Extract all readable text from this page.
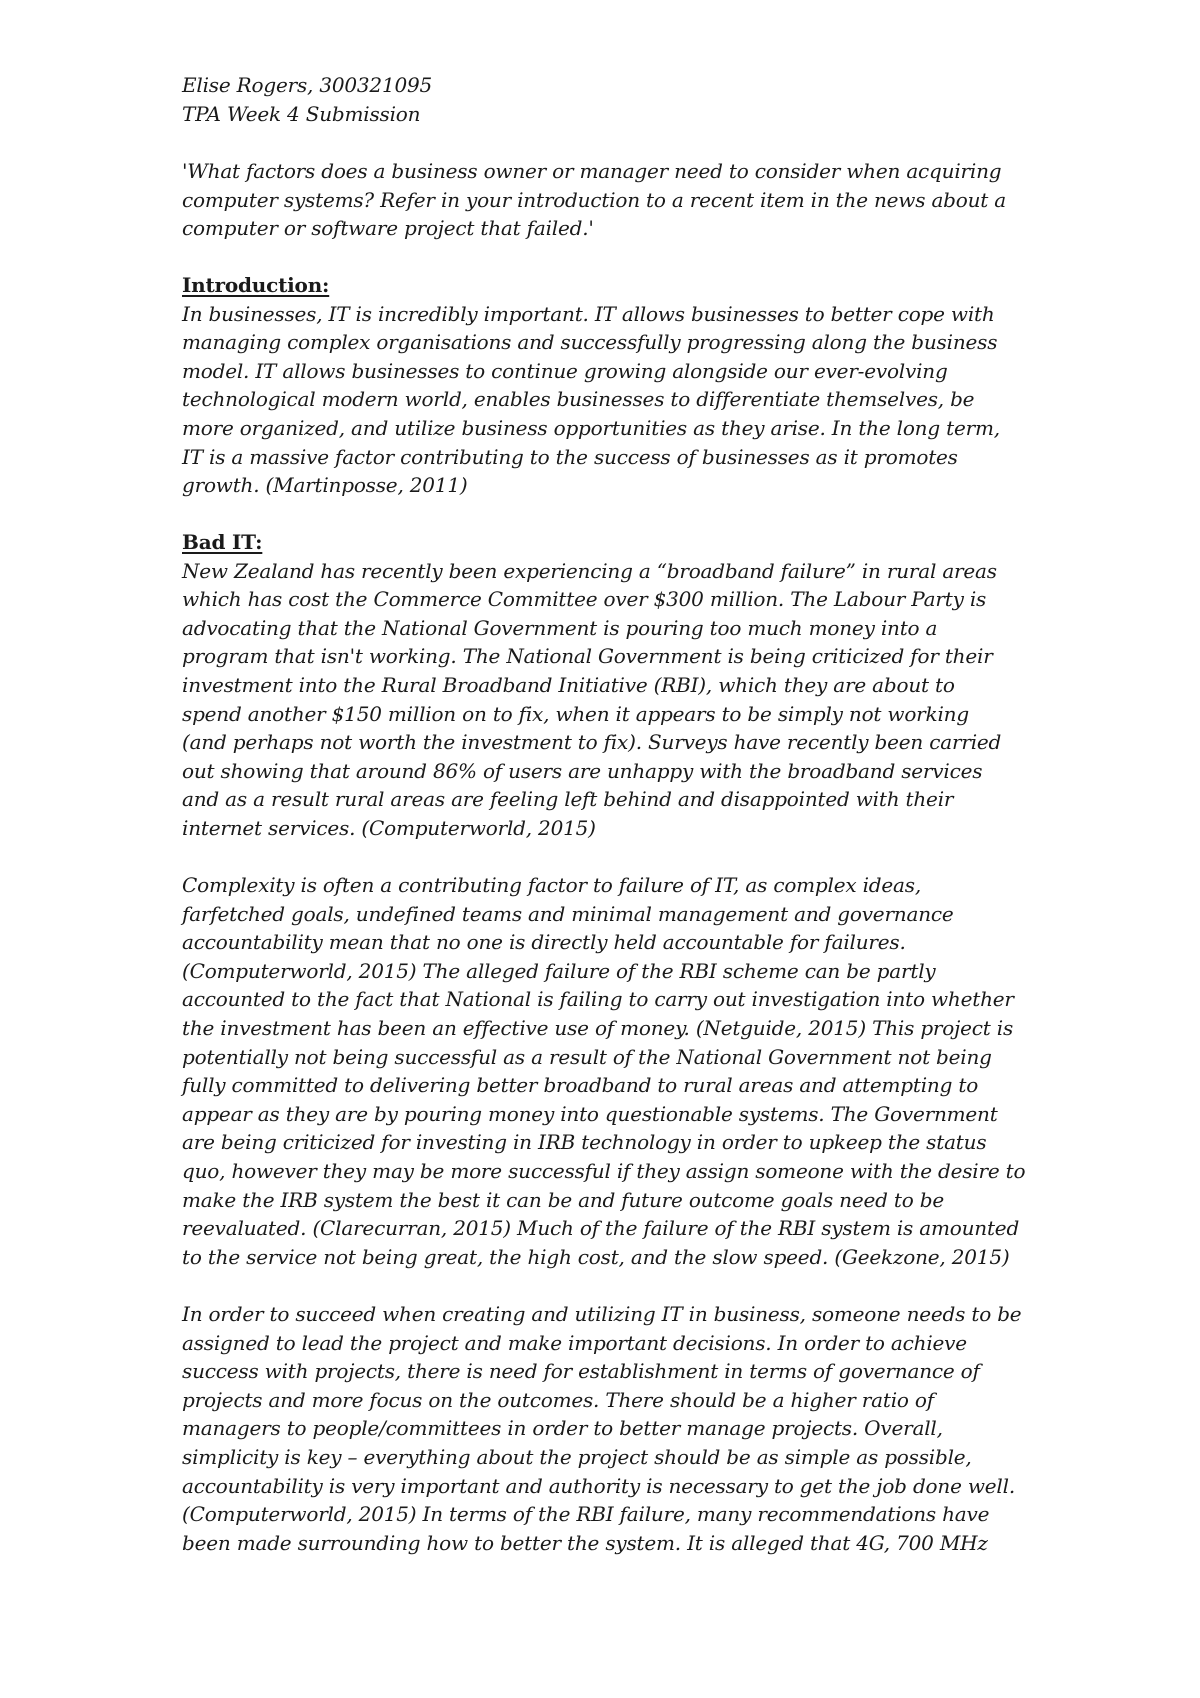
Elise Rogers, 300321095
TPA Week 4 Submission
'What factors does a business owner or manager need to consider when acquiring
computer systems? Refer in your introduction to a recent item in the news about a
computer or software project that failed.'
Introduction:
In businesses, IT is incredibly important. IT allows businesses to better cope with
managing complex organisations and successfully progressing along the business
model. IT allows businesses to continue growing alongside our ever-evolving
technological modern world, enables businesses to differentiate themselves, be
more organized, and utilize business opportunities as they arise. In the long term,
IT is a massive factor contributing to the success of businesses as it promotes
growth. (Martinposse, 2011)
Bad IT:
New Zealand has recently been experiencing a “broadband failure” in rural areas
which has cost the Commerce Committee over $300 million. The Labour Party is
advocating that the National Government is pouring too much money into a
program that isn't working. The National Government is being criticized for their
investment into the Rural Broadband Initiative (RBI), which they are about to
spend another $150 million on to fix, when it appears to be simply not working
(and perhaps not worth the investment to fix). Surveys have recently been carried
out showing that around 86% of users are unhappy with the broadband services
and as a result rural areas are feeling left behind and disappointed with their
internet services. (Computerworld, 2015)
Complexity is often a contributing factor to failure of IT, as complex ideas,
farfetched goals, undefined teams and minimal management and governance
accountability mean that no one is directly held accountable for failures.
(Computerworld, 2015) The alleged failure of the RBI scheme can be partly
accounted to the fact that National is failing to carry out investigation into whether
the investment has been an effective use of money. (Netguide, 2015) This project is
potentially not being successful as a result of the National Government not being
fully committed to delivering better broadband to rural areas and attempting to
appear as they are by pouring money into questionable systems. The Government
are being criticized for investing in IRB technology in order to upkeep the status
quo, however they may be more successful if they assign someone with the desire to
make the IRB system the best it can be and future outcome goals need to be
reevaluated. (Clarecurran, 2015) Much of the failure of the RBI system is amounted
to the service not being great, the high cost, and the slow speed. (Geekzone, 2015)
In order to succeed when creating and utilizing IT in business, someone needs to be
assigned to lead the project and make important decisions. In order to achieve
success with projects, there is need for establishment in terms of governance of
projects and more focus on the outcomes. There should be a higher ratio of
managers to people/committees in order to better manage projects. Overall,
simplicity is key – everything about the project should be as simple as possible,
accountability is very important and authority is necessary to get the job done well.
(Computerworld, 2015) In terms of the RBI failure, many recommendations have
been made surrounding how to better the system. It is alleged that 4G, 700 MHz
